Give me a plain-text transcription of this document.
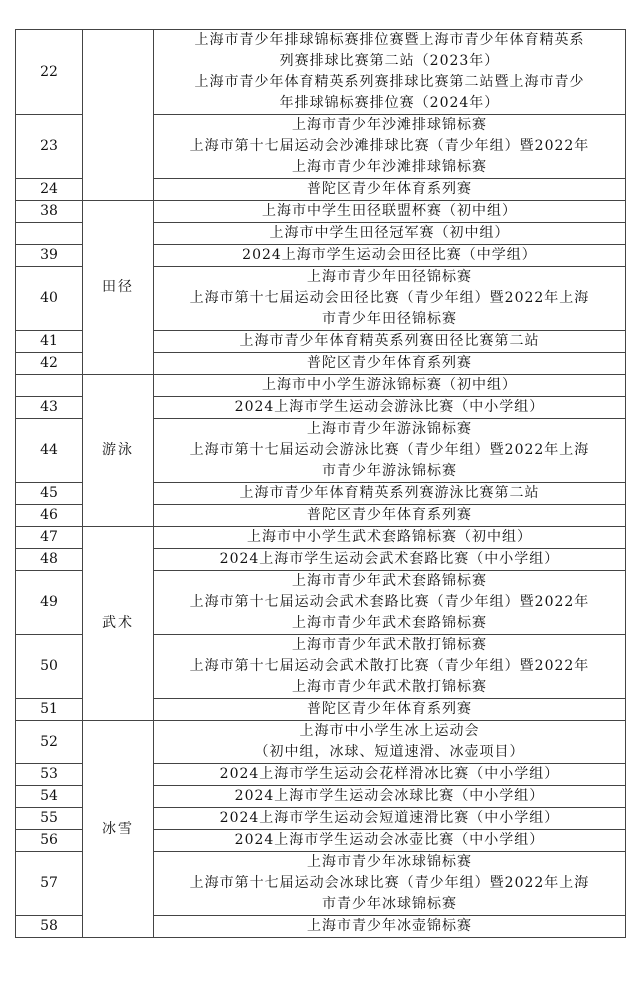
22		上海市青少年排球锦标赛排位赛暨上海市青少年体育精英系
列赛排球比赛第二站（2023年）
上海市青少年体育精英系列赛排球比赛第二站暨上海市青少
年排球锦标赛排位赛（2024年）

23		上海市青少年沙滩排球锦标赛
上海市第十七届运动会沙滩排球比赛（青少年组）暨2022年
上海市青少年沙滩排球锦标赛

24		普陀区青少年体育系列赛

38	田径	上海市中学生田径联盟杯赛（初中组）

		上海市中学生田径冠军赛（初中组）

39		2024上海市学生运动会田径比赛（中学组）

40		上海市青少年田径锦标赛
上海市第十七届运动会田径比赛（青少年组）暨2022年上海
市青少年田径锦标赛

41		上海市青少年体育精英系列赛田径比赛第二站

42		普陀区青少年体育系列赛

	游泳	上海市中小学生游泳锦标赛（初中组）

43		2024上海市学生运动会游泳比赛（中小学组）

44		上海市青少年游泳锦标赛
上海市第十七届运动会游泳比赛（青少年组）暨2022年上海
市青少年游泳锦标赛

45		上海市青少年体育精英系列赛游泳比赛第二站

46		普陀区青少年体育系列赛

47	武术	上海市中小学生武术套路锦标赛（初中组）

48		2024上海市学生运动会武术套路比赛（中小学组）

49		上海市青少年武术套路锦标赛
上海市第十七届运动会武术套路比赛（青少年组）暨2022年
上海市青少年武术套路锦标赛

50		上海市青少年武术散打锦标赛
上海市第十七届运动会武术散打比赛（青少年组）暨2022年
上海市青少年武术散打锦标赛

51		普陀区青少年体育系列赛

52	冰雪	上海市中小学生冰上运动会
（初中组，冰球、短道速滑、冰壶项目）

53		2024上海市学生运动会花样滑冰比赛（中小学组）

54		2024上海市学生运动会冰球比赛（中小学组）

55		2024上海市学生运动会短道速滑比赛（中小学组）

56		2024上海市学生运动会冰壶比赛（中小学组）

57		上海市青少年冰球锦标赛
上海市第十七届运动会冰球比赛（青少年组）暨2022年上海
市青少年冰球锦标赛

58		上海市青少年冰壶锦标赛
